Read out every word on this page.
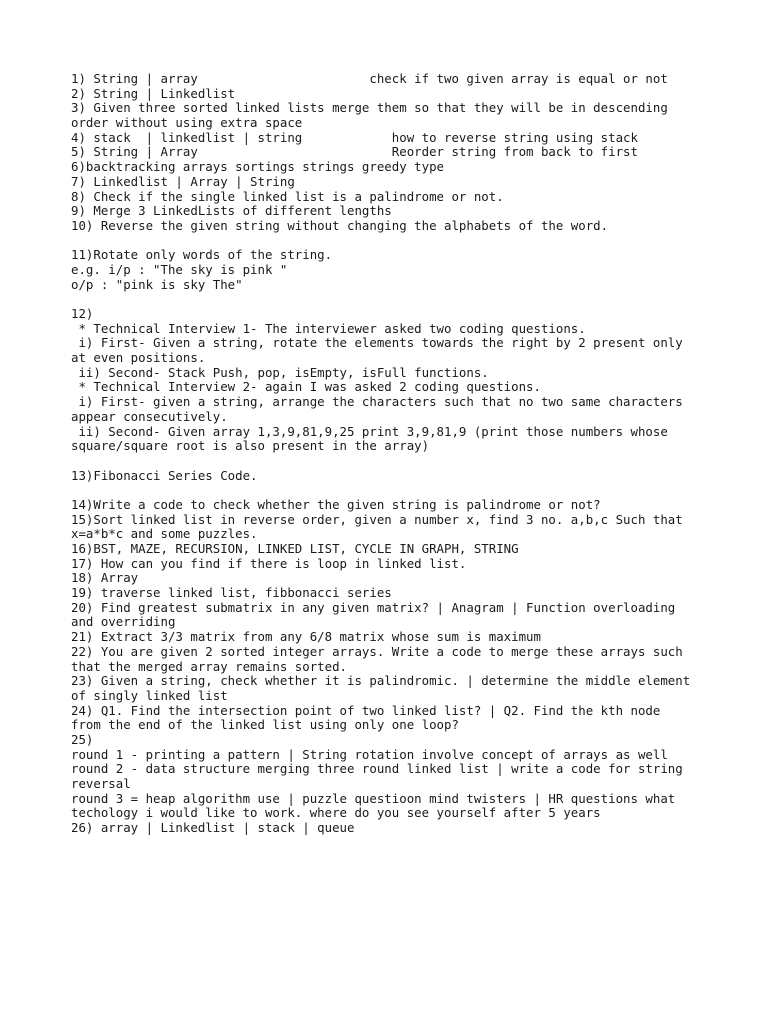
1) String | array                       check if two given array is equal or not
2) String | Linkedlist
3) Given three sorted linked lists merge them so that they will be in descending
order without using extra space
4) stack  | linkedlist | string            how to reverse string using stack
5) String | Array                          Reorder string from back to first
6)backtracking arrays sortings strings greedy type
7) Linkedlist | Array | String
8) Check if the single linked list is a palindrome or not.
9) Merge 3 LinkedLists of different lengths
10) Reverse the given string without changing the alphabets of the word.
11)Rotate only words of the string.
e.g. i/p : "The sky is pink "
o/p : "pink is sky The"
12)
* Technical Interview 1- The interviewer asked two coding questions.
i) First- Given a string, rotate the elements towards the right by 2 present only
at even positions.
ii) Second- Stack Push, pop, isEmpty, isFull functions.
* Technical Interview 2- again I was asked 2 coding questions.
i) First- given a string, arrange the characters such that no two same characters
appear consecutively.
ii) Second- Given array 1,3,9,81,9,25 print 3,9,81,9 (print those numbers whose
square/square root is also present in the array)
13)Fibonacci Series Code.
14)Write a code to check whether the given string is palindrome or not?
15)Sort linked list in reverse order, given a number x, find 3 no. a,b,c Such that
x=a*b*c and some puzzles.
16)BST, MAZE, RECURSION, LINKED LIST, CYCLE IN GRAPH, STRING
17) How can you find if there is loop in linked list.
18) Array
19) traverse linked list, fibbonacci series
20) Find greatest submatrix in any given matrix? | Anagram | Function overloading
and overriding
21) Extract 3/3 matrix from any 6/8 matrix whose sum is maximum
22) You are given 2 sorted integer arrays. Write a code to merge these arrays such
that the merged array remains sorted.
23) Given a string, check whether it is palindromic. | determine the middle element
of singly linked list
24) Q1. Find the intersection point of two linked list? | Q2. Find the kth node
from the end of the linked list using only one loop?
25)
round 1 - printing a pattern | String rotation involve concept of arrays as well
round 2 - data structure merging three round linked list | write a code for string
reversal
round 3 = heap algorithm use | puzzle questioon mind twisters | HR questions what
techology i would like to work. where do you see yourself after 5 years
26) array | Linkedlist | stack | queue
